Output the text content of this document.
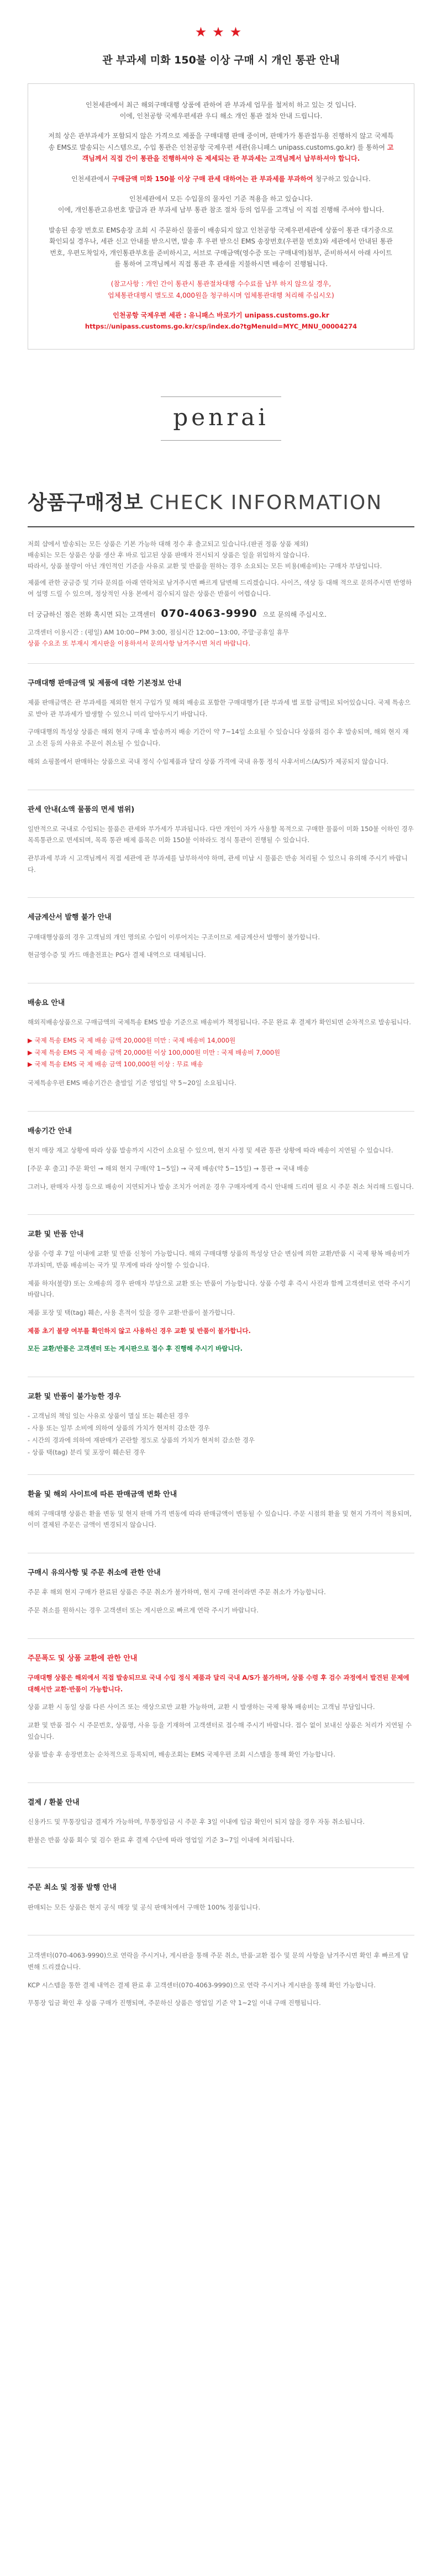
★★★
관 부과세 미화 150불 이상 구매 시 개인 통관 안내

인천세관에서 최근 해외구매대행 상품에 관하여 관 부과세 업무를 철저히 하고 있는 것 입니다.
이에, 인천공항 국제우편세관 우디 해소 개인 통관 절차 안내 드립니다.

저희 상은 관부과세가 포함되지 않은 가격으로 제품을 구매대행 판매 중이며, 판매가가 통관접두용 진행하지 않고 국제특송 EMS로 발송되는 시스템으로, 수입 통관은 인천공항 국제우편 세관(유니패스 unipass.customs.go.kr) 를 통하여 고객님께서 직접 간이 통관을 진행하셔야 돈 제세되는 관 부과세는 고객님께서 납부하셔야 합니다.

인천세관에서 구매금액 미화 150불 이상 구매 관세 대하여는 관 부과세를 부과하여 청구하고 있습니다.

인천세관에서 모든 수입물의 물자인 기준 적용을 하고 있습니다.
이에, 개인통관고유번호 발급과 관 부과세 납부 통관 참조 절차 등의 업무를 고객님 이 직접 진행해 주셔야 합니다.

발송된 송장 번호로 EMS송장 조회 시 주문하신 물품이 배송되지 않고 인천공항 국제우편세관에 상품이 통관 대기중으로 확인되실 경우나, 세관 신고 안내를 받으시면, 발송 후 우편 받으신 EMS 송장번호(우편물 번호)와 세관에서 안내된 통관 번호, 우편도착일자, 개인통관부호를 준비하시고, 서브로 구매금액(영수증 또는 구매내역)첨부, 준비하셔서 아래 사이트를 통하여 고객님께서 직접 통관 후 관세를 지불하시면 배송이 진행됩니다.

(참고사항 : 개인 간이 통관시 통관절차대행 수수료를 납부 하지 않으실 경우,
업체통관대행시 별도로 4,000원을 청구하시며 업체통관대행 처리해 주십시오)

인천공항 국제우편 세관 : 유니패스 바로가기 unipass.customs.go.kr
https://unipass.customs.go.kr/csp/index.do?tgMenuId=MYC_MNU_00004274

penrai
상품구매정보 CHECK INFORMATION

저희 샵에서 발송되는 모든 상품은 기본 가능하 대해 정수 후 출고되고 있습니다.(판권 정품 상품 제외)
배송되는 모든 상품은 상품 생산 후 바로 입고된 상품 판매자 전시되지 상품은 일을 위입하지 않습니다.
따라서, 상품 불량이 아닌 개인적인 기준을 사유로 교환 및 반품을 원하는 경우 소요되는 모든 비용(배송비)는 구매자 부담입니다.

제품에 관한 궁금증 및 기타 문의를 아래 연락처로 남겨주시면 빠르게 답변해 드리겠습니다. 사이즈, 색상 등 대해 적으로 문의주시면 반영하여 설명 드릴 수 있으며, 정상적인 사용 본에서 검수되지 않은 상품은 반품이 어렵습니다.

더 궁금하신 점은 전화 혹시면 되는 고객센터 070-4063-9990 으로 문의해 주십시오.
고객센터 이용시간 : (평일) AM 10:00~PM 3:00, 점심시간 12:00~13:00, 주말·공휴일 휴무
상품 수요조 또 부재시 게시판을 이용하셔서 문의사항 남겨주시면 처리 바랍니다.
구매대행 판매금액 및 제품에 대한 기본정보 안내

제품 판매금액은 관 부과세를 제외한 현지 구입가 및 해외 배송료 포함한 구매대행가 [관 부과세 별 포함 금액]로 되어있습니다. 국제 특송으로 받아 관 부과세가 발생할 수 있으니 미리 알아두시기 바랍니다.

구매대행의 특성상 상품은 해외 현지 구매 후 발송까지 배송 기간이 약 7~14일 소요될 수 있습니다 상품의 검수 후 발송되며, 해외 현지 재고 소진 등의 사유로 주문이 취소될 수 있습니다.

해외 쇼핑몰에서 판매하는 상품으로 국내 정식 수입제품과 달리 상품 가격에 국내 유통 정식 사후서비스(A/S)가 제공되지 않습니다.

관세 안내(소액 물품의 면세 범위)

일반적으로 국내로 수입되는 물품은 관세와 부가세가 부과됩니다. 다만 개인이 자가 사용할 목적으로 구매한 물품이 미화 150불 이하인 경우 목록통관으로 면세되며, 목록 통관 배제 품목은 미화 150불 이하라도 정식 통관이 진행될 수 있습니다.

관부과세 부과 시 고객님께서 직접 세관에 관 부과세를 납부하셔야 하며, 관세 미납 시 물품은 반송 처리될 수 있으니 유의해 주시기 바랍니다.

세금계산서 발행 불가 안내

구매대행상품의 경우 고객님의 개인 명의로 수입이 이루어지는 구조이므로 세금계산서 발행이 불가합니다.

현금영수증 및 카드 매출전표는 PG사 결제 내역으로 대체됩니다.

배송요 안내

해외직배송상품으로 구매금액의 국제특송 EMS 발송 기준으로 배송비가 책정됩니다. 주문 완료 후 결제가 확인되면 순차적으로 발송됩니다.

▶ 국제 특송 EMS 국 제 배송 금액 20,000원 미만 : 국제 배송비 14,000원
▶ 국제 특송 EMS 국 제 배송 금액 20,000원 이상 100,000원 미만 : 국제 배송비 7,000원
▶ 국제 특송 EMS 국 제 배송 금액 100,000원 이상 : 무료 배송

국제특송우편 EMS 배송기간은 출발일 기준 영업일 약 5~20일 소요됩니다.

배송기간 안내

현지 매장 재고 상황에 따라 상품 발송까지 시간이 소요될 수 있으며, 현지 사정 및 세관 통관 상황에 따라 배송이 지연될 수 있습니다.

[주문 후 출고] 주문 확인 → 해외 현지 구매(약 1~5일) → 국제 배송(약 5~15일) → 통관 → 국내 배송

그러나, 판매자 사정 등으로 배송이 지연되거나 발송 조치가 어려운 경우 구매자에게 즉시 안내해 드리며 필요 시 주문 취소 처리해 드립니다.

교환 및 반품 안내

상품 수령 후 7일 이내에 교환 및 반품 신청이 가능합니다. 해외 구매대행 상품의 특성상 단순 변심에 의한 교환/반품 시 국제 왕복 배송비가 부과되며, 반품 배송비는 국가 및 무게에 따라 상이할 수 있습니다.

제품 하자(불량) 또는 오배송의 경우 판매자 부담으로 교환 또는 반품이 가능합니다. 상품 수령 후 즉시 사진과 함께 고객센터로 연락 주시기 바랍니다.

제품 포장 및 택(tag) 훼손, 사용 흔적이 있을 경우 교환·반품이 불가합니다.

제품 초기 불량 여부를 확인하지 않고 사용하신 경우 교환 및 반품이 불가합니다.

모든 교환/반품은 고객센터 또는 게시판으로 접수 후 진행해 주시기 바랍니다.

교환 및 반품이 불가능한 경우
- 고객님의 책임 있는 사유로 상품이 멸실 또는 훼손된 경우
- 사용 또는 일부 소비에 의하여 상품의 가치가 현저히 감소한 경우
- 시간의 경과에 의하여 재판매가 곤란할 정도로 상품의 가치가 현저히 감소한 경우
- 상품 택(tag) 분리 및 포장이 훼손된 경우
환율 및 해외 사이트에 따른 판매금액 변화 안내

해외 구매대행 상품은 환율 변동 및 현지 판매 가격 변동에 따라 판매금액이 변동될 수 있습니다. 주문 시점의 환율 및 현지 가격이 적용되며, 이미 결제된 주문은 금액이 변경되지 않습니다.

구매시 유의사항 및 주문 취소에 관한 안내

주문 후 해외 현지 구매가 완료된 상품은 주문 취소가 불가하며, 현지 구매 전이라면 주문 취소가 가능합니다.

주문 취소를 원하시는 경우 고객센터 또는 게시판으로 빠르게 연락 주시기 바랍니다.

주문폭도 및 상품 교환에 관한 안내

구매대행 상품은 해외에서 직접 발송되므로 국내 수입 정식 제품과 달리 국내 A/S가 불가하며, 상품 수령 후 검수 과정에서 발견된 문제에 대해서만 교환·반품이 가능합니다.

상품 교환 시 동일 상품 다른 사이즈 또는 색상으로만 교환 가능하며, 교환 시 발생하는 국제 왕복 배송비는 고객님 부담입니다.

교환 및 반품 접수 시 주문번호, 상품명, 사유 등을 기재하여 고객센터로 접수해 주시기 바랍니다. 접수 없이 보내신 상품은 처리가 지연될 수 있습니다.

상품 발송 후 송장번호는 순차적으로 등록되며, 배송조회는 EMS 국제우편 조회 시스템을 통해 확인 가능합니다.

결제 / 환불 안내

신용카드 및 무통장입금 결제가 가능하며, 무통장입금 시 주문 후 3일 이내에 입금 확인이 되지 않을 경우 자동 취소됩니다.

환불은 반품 상품 회수 및 검수 완료 후 결제 수단에 따라 영업일 기준 3~7일 이내에 처리됩니다.

주문 최소 및 정품 발행 안내

판매되는 모든 상품은 현지 공식 매장 및 공식 판매처에서 구매한 100% 정품입니다.

고객센터(070-4063-9990)으로 연락을 주시거나, 게시판을 통해 주문 취소, 반품·교환 접수 및 문의 사항을 남겨주시면 확인 후 빠르게 답변해 드리겠습니다.

KCP 시스템을 통한 결제 내역은 결제 완료 후 고객센터(070-4063-9990)으로 연락 주시거나 게시판을 통해 확인 가능합니다.

무통장 입금 확인 후 상품 구매가 진행되며, 주문하신 상품은 영업일 기준 약 1~2일 이내 구매 진행됩니다.
